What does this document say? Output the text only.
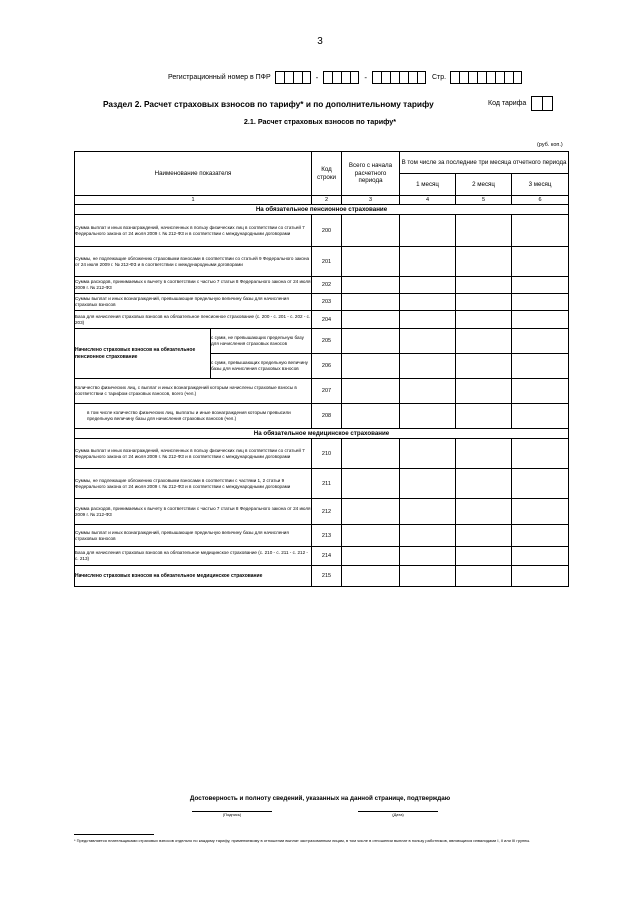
3
Регистрационный номер в ПФР	-	-	Стр.
Раздел 2. Расчет страховых взносов по тарифу* и по дополнительному тарифу	Код тарифа
2.1. Расчет страховых взносов по тарифу*
(руб. коп.)
Наименование показателя		Код строки	Всего с начала расчетного периода	В том числе за последние три месяца отчетного периода		
				1 месяц	2 месяц	3 месяц
1		2	3	4	5	6
На обязательное пенсионное страхование						
Сумма выплат и иных вознаграждений, начисленных в пользу физических лиц в соответствии со статьей 7 Федерального закона от 24 июля 2009 г. № 212-ФЗ и в соответствии с международными договорами		200				
Суммы, не подлежащие обложению страховыми взносами в соответствии со статьей 9 Федерального закона от 24 июля 2009 г. № 212-ФЗ и в соответствии с международными договорами		201				
Сумма расходов, принимаемых к вычету в соответствии с частью 7 статьи 8 Федерального закона от 24 июля 2009 г. № 212-ФЗ		202				
Суммы выплат и иных вознаграждений, превышающие предельную величину базы для начисления страховых взносов		203				
База для начисления страховых взносов на обязательное пенсионное страхование (с. 200 - с. 201 - с. 202 - с. 203)		204				
Начислено страховых взносов на обязательное пенсионное страхование	с сумм, не превышающих предельную базу для начисления страховых взносов	205				
	с сумм, превышающих предельную величину базы для начисления страховых взносов	206				
Количество физических лиц, с выплат и иных вознаграждений которым начислены страховые взносы в соответствии с тарифом страховых взносов, всего (чел.)		207				
в том числе количество физических лиц, выплаты и иные вознаграждения которым превысили предельную величину базы для начисления страховых взносов (чел.)		208				
На обязательное медицинское страхование						
Сумма выплат и иных вознаграждений, начисленных в пользу физических лиц в соответствии со статьей 7 Федерального закона от 24 июля 2009 г. № 212-ФЗ и в соответствии с международными договорами		210				
Суммы, не подлежащие обложению страховыми взносами в соответствии с частями 1, 2 статьи 9 Федерального закона от 24 июля 2009 г. № 212-ФЗ и в соответствии с международными договорами		211				
Сумма расходов, принимаемых к вычету в соответствии с частью 7 статьи 8 Федерального закона от 24 июля 2009 г. № 212-ФЗ		212				
Суммы выплат и иных вознаграждений, превышающие предельную величину базы для начисления страховых взносов		213				
База для начисления страховых взносов на обязательное медицинское страхование (с. 210 - с. 211 - с. 212 - с. 213)		214				
Начислено страховых взносов на обязательное медицинское страхование		215				
Достоверность и полноту сведений, указанных на данной странице, подтверждаю
(Подпись)	(Дата)
* Представляется плательщиками страховых взносов отдельно по каждому тарифу, применяемому в отношении выплат застрахованным лицам, в том числе в отношении выплат в пользу работников, являющихся инвалидами I, II или III группы.
